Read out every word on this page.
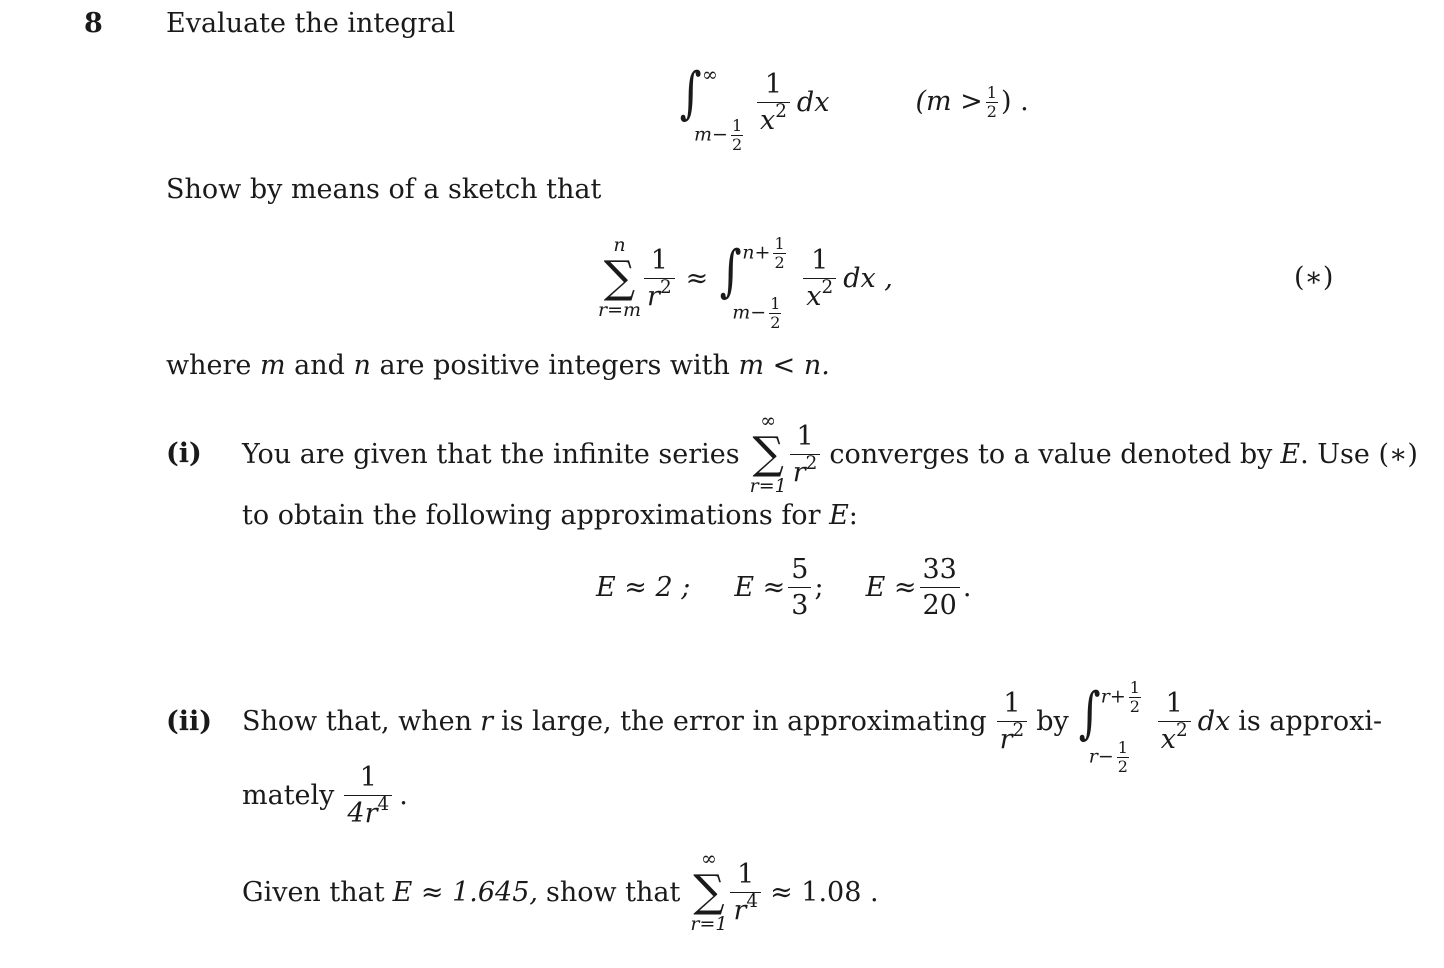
8 Evaluate the integral
∫ ∞
$m- \frac{1}{2}$
$\frac{1}{x^2}$ dx	($m > \frac{1}{2}$ ) .
Show by means of a sketch that
n
∑
r=m
$\frac{1}{r^2}$ ≈ ∫ $n+ \frac{1}{2}$
$m- \frac{1}{2}$
$\frac{1}{x^2}$ dx ,	(∗)
where m and n are positive integers with m < n.
(i) You are given that the infinite series
∞
∑
r=1
$\frac{1}{r^2}$ converges to a value denoted by E . Use (∗)
to obtain the following approximations for E:
E ≈ 2 ; $E \approx \frac{5}{3}$ ; $E \approx \frac{33}{20}$ .
(ii) Show that, when r is large, the error in approximating $\frac{1}{r^2}$ by ∫ $r+ \frac{1}{2}$
$r- \frac{1}{2}$
$\frac{1}{x^2}$ dx is approxi-
mately $\frac{1}{4r^4}$ .
Given that E ≈ 1.645, show that
∞
∑
r=1
$\frac{1}{r^4} \approx 1.08$ .
